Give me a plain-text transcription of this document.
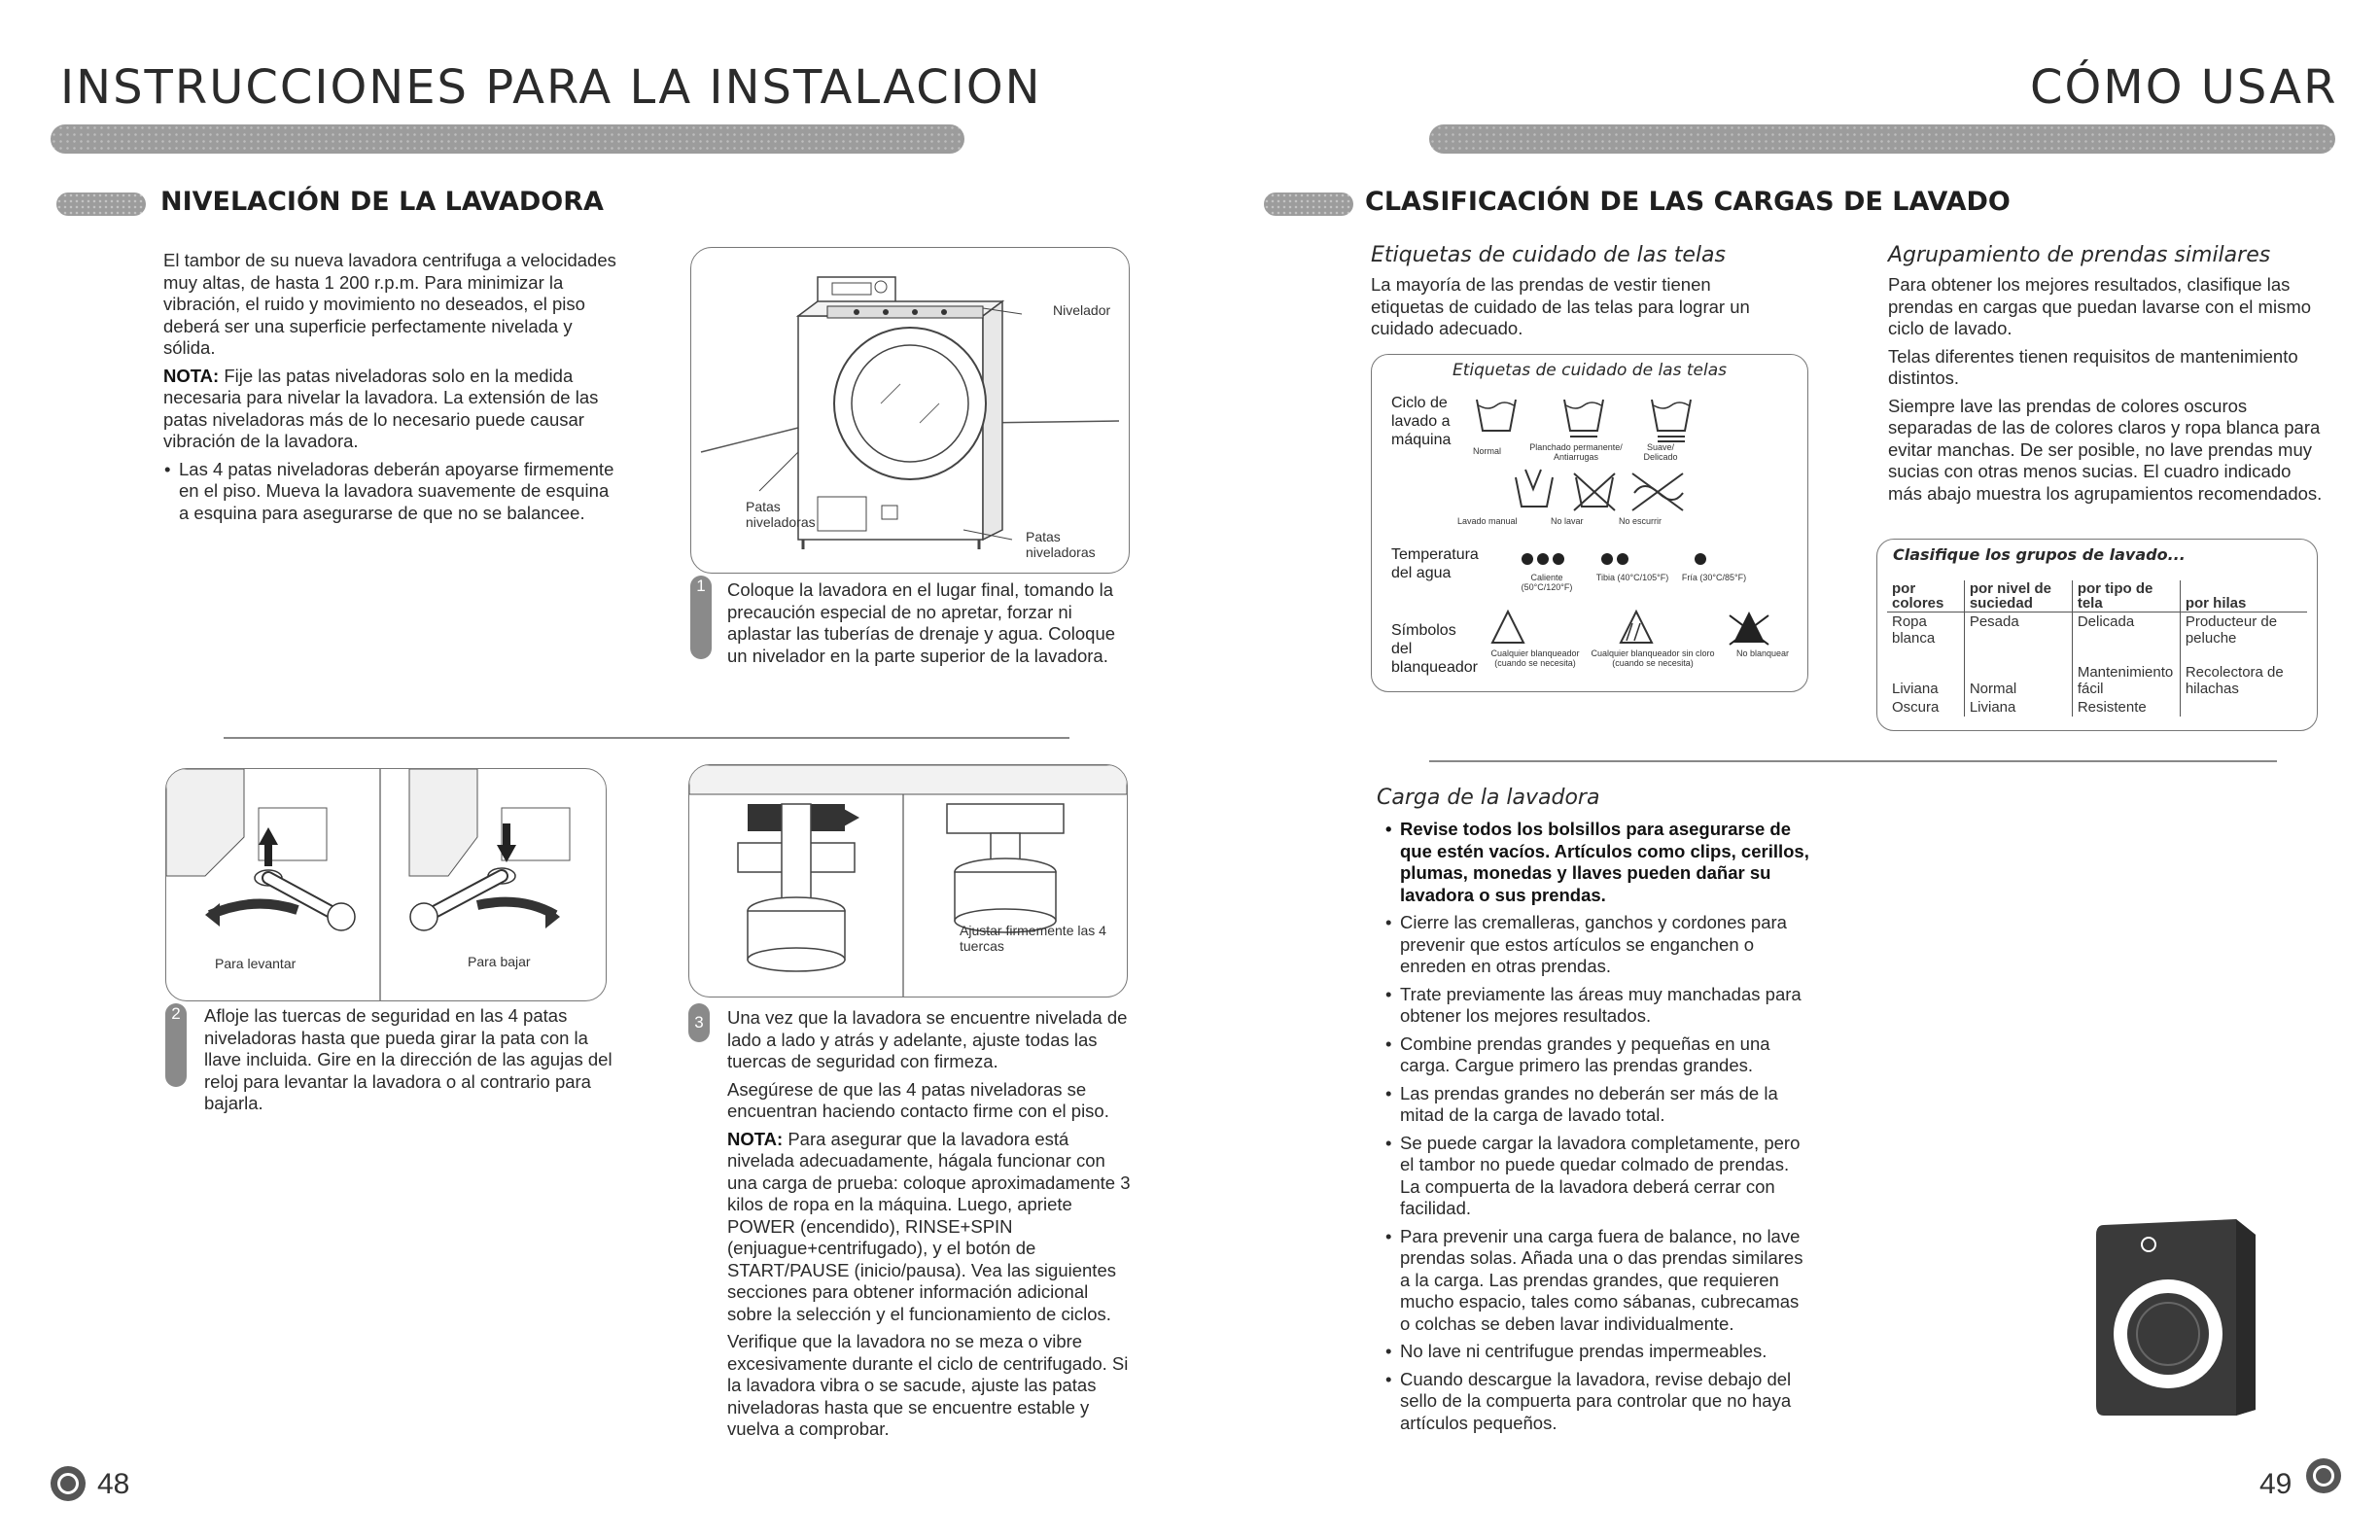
INSTRUCCIONES PARA LA INSTALACION	CÓMO USAR
NIVELACIÓN DE LA LAVADORA

El tambor de su nueva lavadora centrifuga a velocidades muy altas, de hasta 1 200 r.p.m. Para minimizar la vibración, el ruido y movimiento no deseados, el piso deberá ser una superficie perfectamente nivelada y sólida.

NOTA: Fije las patas niveladoras solo en la medida necesaria para nivelar la lavadora. La extensión de las patas niveladoras más de lo necesario puede causar vibración de la lavadora.

• Las 4 patas niveladoras deberán apoyarse firmemente en el piso. Mueva la lavadora suavemente de esquina a esquina para asegurarse de que no se balancee.
Nivelador
Patas niveladoras
Patas niveladoras
1	Coloque la lavadora en el lugar final, tomando la precaución especial de no apretar, forzar ni aplastar las tuberías de drenaje y agua. Coloque un nivelador en la parte superior de la lavadora.

Para levantar	Para bajar
2	Afloje las tuercas de seguridad en las 4 patas niveladoras hasta que pueda girar la pata con la llave incluida. Gire en la dirección de las agujas del reloj para levantar la lavadora o al contrario para bajarla.

Ajustar firmemente las 4 tuercas
3	Una vez que la lavadora se encuentre nivelada de lado a lado y atrás y adelante, ajuste todas las tuercas de seguridad con firmeza.

Asegúrese de que las 4 patas niveladoras se encuentran haciendo contacto firme con el piso.

NOTA: Para asegurar que la lavadora está nivelada adecuadamente, hágala funcionar con una carga de prueba: coloque aproximadamente 3 kilos de ropa en la máquina. Luego, apriete POWER (encendido), RINSE+SPIN (enjuague+centrifugado), y el botón de START/PAUSE (inicio/pausa). Vea las siguientes secciones para obtener información adicional sobre la selección y el funcionamiento de ciclos.

Verifique que la lavadora no se meza o vibre excesivamente durante el ciclo de centrifugado. Si la lavadora vibra o se sacude, ajuste las patas niveladoras hasta que se encuentre estable y vuelva a comprobar.

48
CLASIFICACIÓN DE LAS CARGAS DE LAVADO
Etiquetas de cuidado de las telas

La mayoría de las prendas de vestir tienen etiquetas de cuidado de las telas para lograr un cuidado adecuado.

Etiquetas de cuidado de las telas
Ciclo de lavado a máquina
Normal	Planchado permanente/ Antiarrugas
Suave/ Delicado
Lavado manual	No lavar	No escurrir
Temperatura del agua	Caliente (50°C/120°F)
Tibia (40°C/105°F)	Fría (30°C/85°F)
Símbolos del blanqueador
Cualquier blanqueador (cuando se necesita)
Cualquier blanqueador sin cloro (cuando se necesita)
No blanquear
Agrupamiento de prendas similares

Para obtener los mejores resultados, clasifique las prendas en cargas que puedan lavarse con el mismo ciclo de lavado.

Telas diferentes tienen requisitos de mantenimiento distintos.

Siempre lave las prendas de colores oscuros separadas de las de colores claros y ropa blanca para evitar manchas. De ser posible, no lave prendas muy sucias con otras menos sucias. El cuadro indicado más abajo muestra los agrupamientos recomendados.

Clasifique los grupos de lavado...
por colores	por nivel de suciedad	por tipo de tela	por hilas
Ropa blanca	Pesada	Delicada	Producteur de peluche
Liviana	Normal	Mantenimiento fácil	Recolectora de hilachas
Oscura	Liviana	Resistente	
Carga de la lavadora
• Revise todos los bolsillos para asegurarse de que estén vacíos. Artículos como clips, cerillos, plumas, monedas y llaves pueden dañar su lavadora o sus prendas.
• Cierre las cremalleras, ganchos y cordones para prevenir que estos artículos se enganchen o enreden en otras prendas.
• Trate previamente las áreas muy manchadas para obtener los mejores resultados.
• Combine prendas grandes y pequeñas en una carga. Cargue primero las prendas grandes.
• Las prendas grandes no deberán ser más de la mitad de la carga de lavado total.
• Se puede cargar la lavadora completamente, pero el tambor no puede quedar colmado de prendas. La compuerta de la lavadora deberá cerrar con facilidad.
• Para prevenir una carga fuera de balance, no lave prendas solas. Añada una o das prendas similares a la carga. Las prendas grandes, que requieren mucho espacio, tales como sábanas, cubrecamas o colchas se deben lavar individualmente.
• No lave ni centrifugue prendas impermeables.
• Cuando descargue la lavadora, revise debajo del sello de la compuerta para controlar que no haya artículos pequeños.
49
